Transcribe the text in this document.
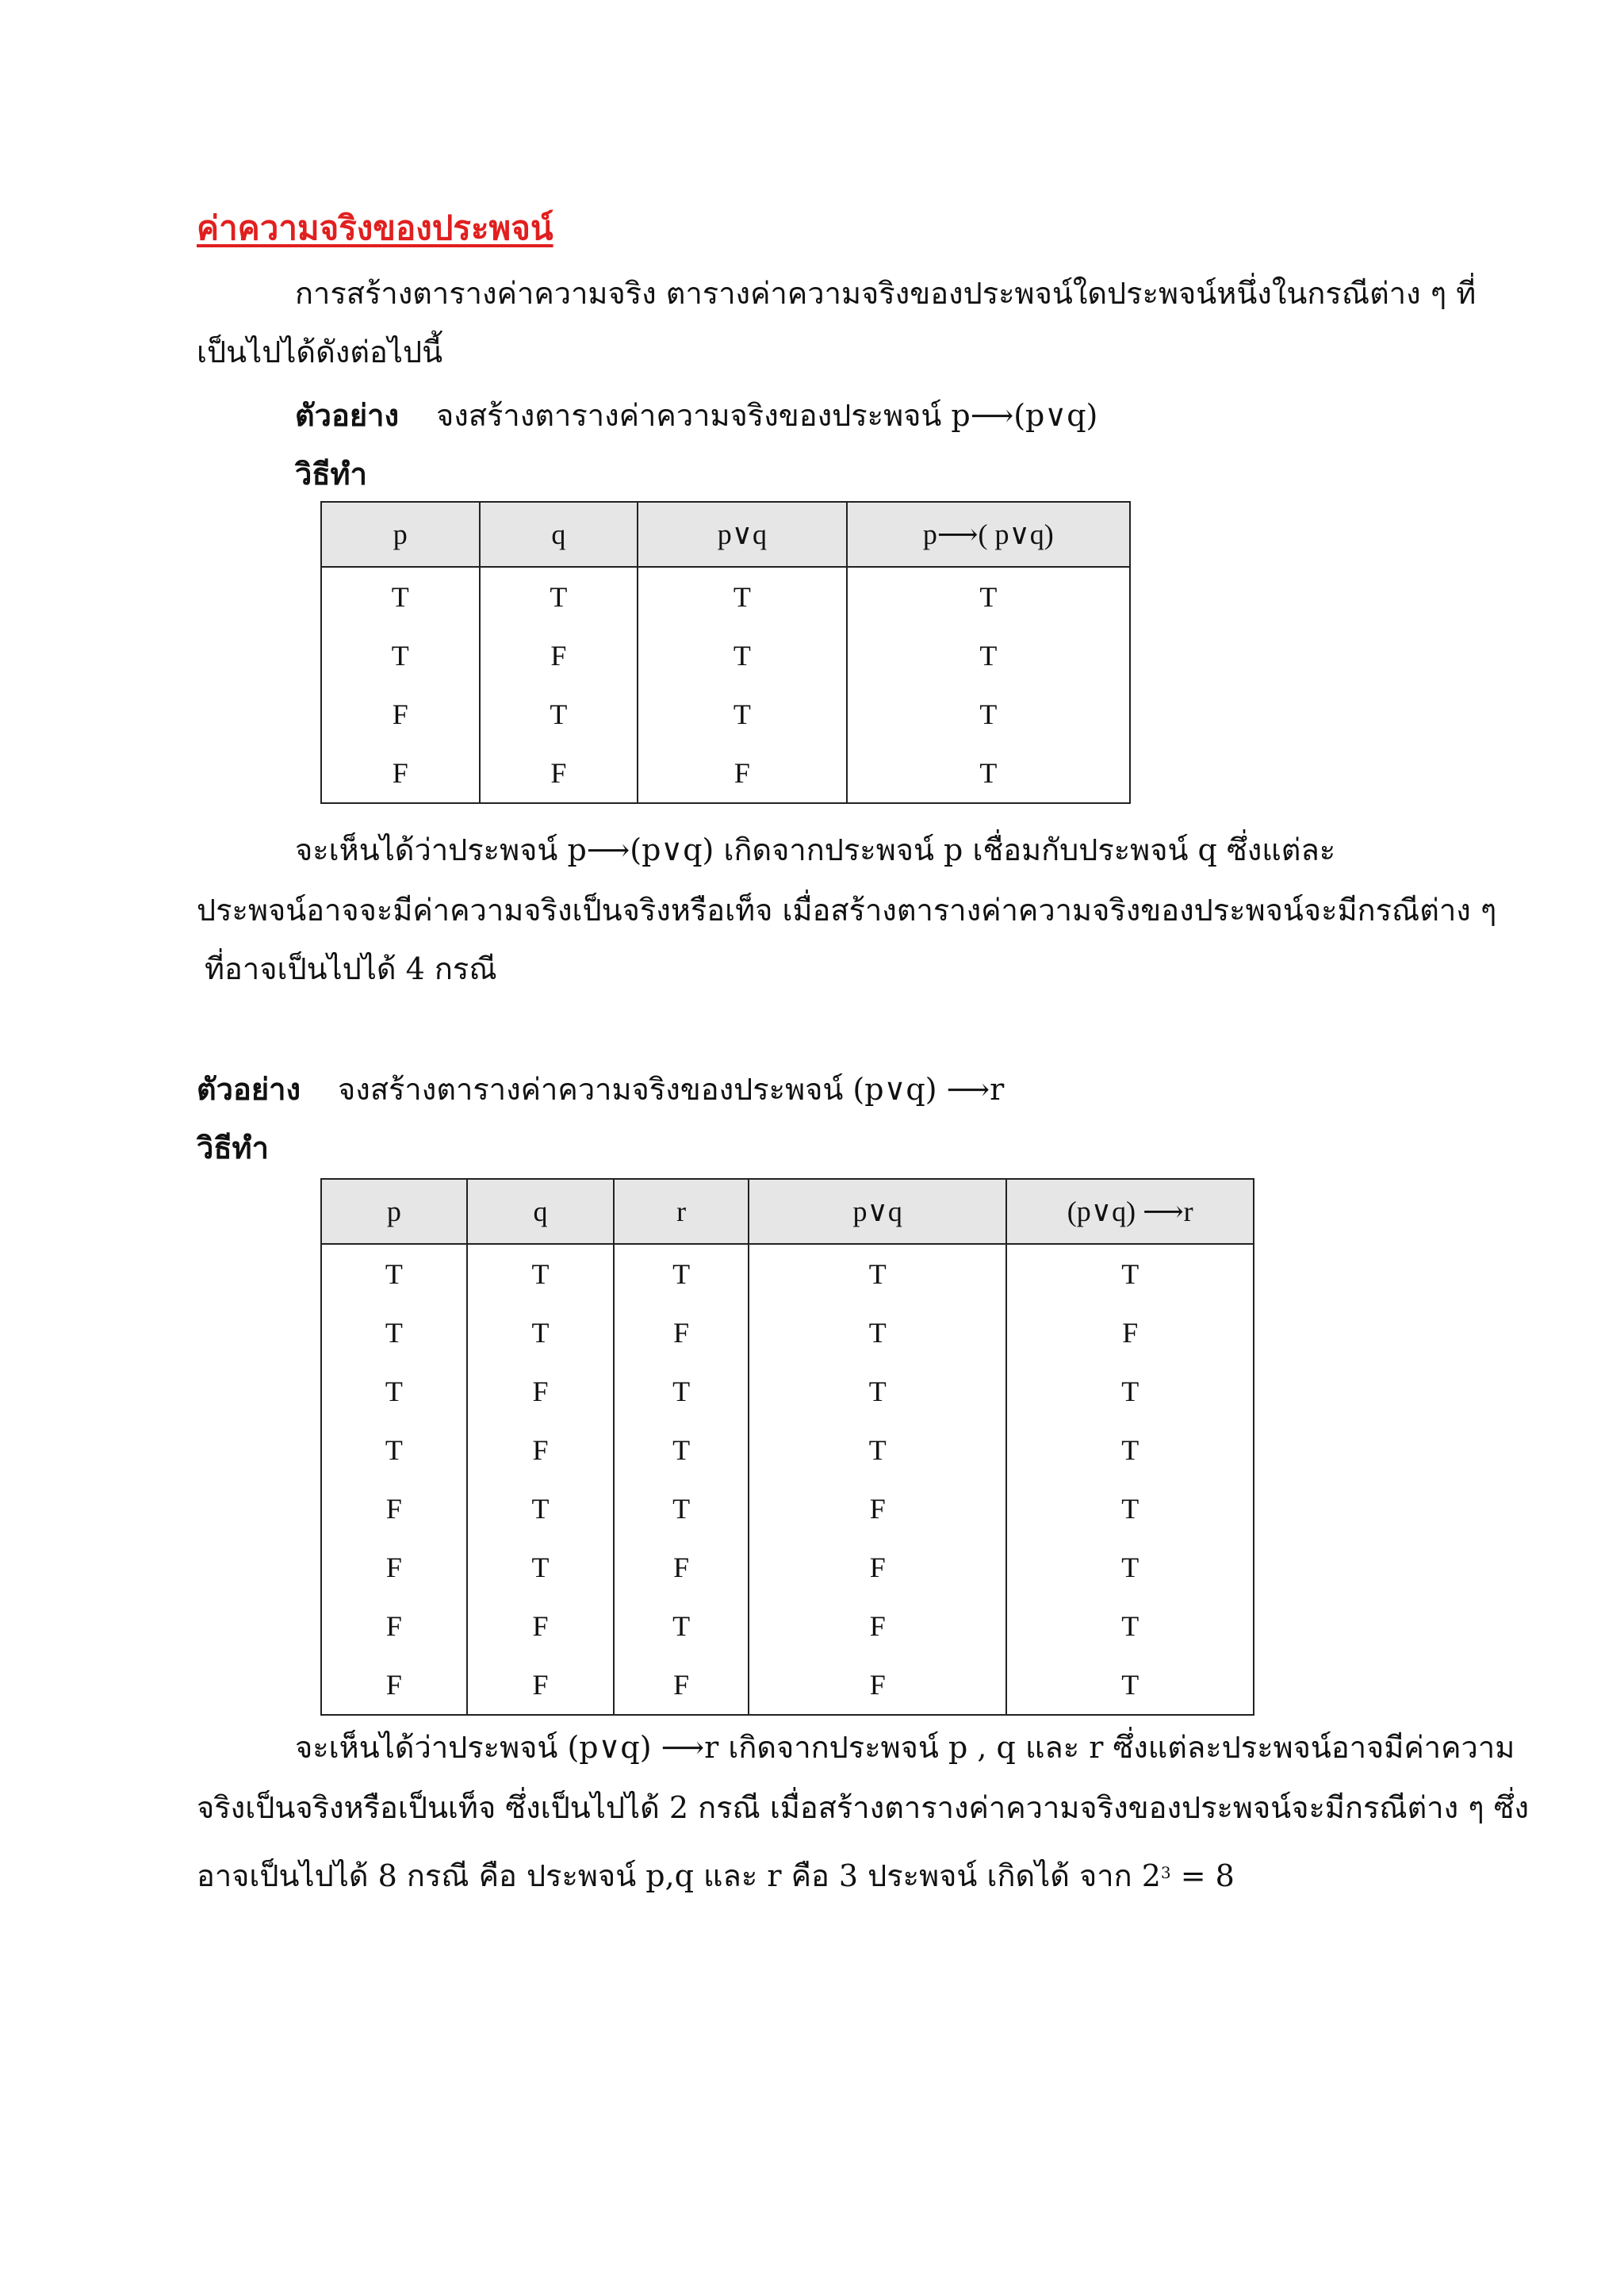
ค่าความจริงของประพจน์
การสร้างตารางค่าความจริง ตารางค่าความจริงของประพจน์ใดประพจน์หนึ่งในกรณีต่าง ๆ ที่
เป็นไปได้ดังต่อไปนี้
ตัวอย่าง จงสร้างตารางค่าความจริงของประพจน์ p⟶(p∨q)
วิธีทำ
p	q	p∨q	p⟶( p∨q)
T	T	T	T
T	F	T	T
F	T	T	T
F	F	F	T
จะเห็นได้ว่าประพจน์ p⟶(p∨q) เกิดจากประพจน์ p เชื่อมกับประพจน์ q ซึ่งแต่ละ
ประพจน์อาจจะมีค่าความจริงเป็นจริงหรือเท็จ เมื่อสร้างตารางค่าความจริงของประพจน์จะมีกรณีต่าง ๆ
ที่อาจเป็นไปได้ 4 กรณี
ตัวอย่าง จงสร้างตารางค่าความจริงของประพจน์ (p∨q) ⟶r
วิธีทำ
p	q	r	p∨q	(p∨q) ⟶r
T	T	T	T	T
T	T	F	T	F
T	F	T	T	T
T	F	T	T	T
F	T	T	F	T
F	T	F	F	T
F	F	T	F	T
F	F	F	F	T
จะเห็นได้ว่าประพจน์ (p∨q) ⟶r เกิดจากประพจน์ p , q และ r ซึ่งแต่ละประพจน์อาจมีค่าความ
จริงเป็นจริงหรือเป็นเท็จ ซึ่งเป็นไปได้ 2 กรณี เมื่อสร้างตารางค่าความจริงของประพจน์จะมีกรณีต่าง ๆ ซึ่ง
อาจเป็นไปได้ 8 กรณี คือ ประพจน์ p,q และ r คือ 3 ประพจน์ เกิดได้ จาก $2^3 = 8$
